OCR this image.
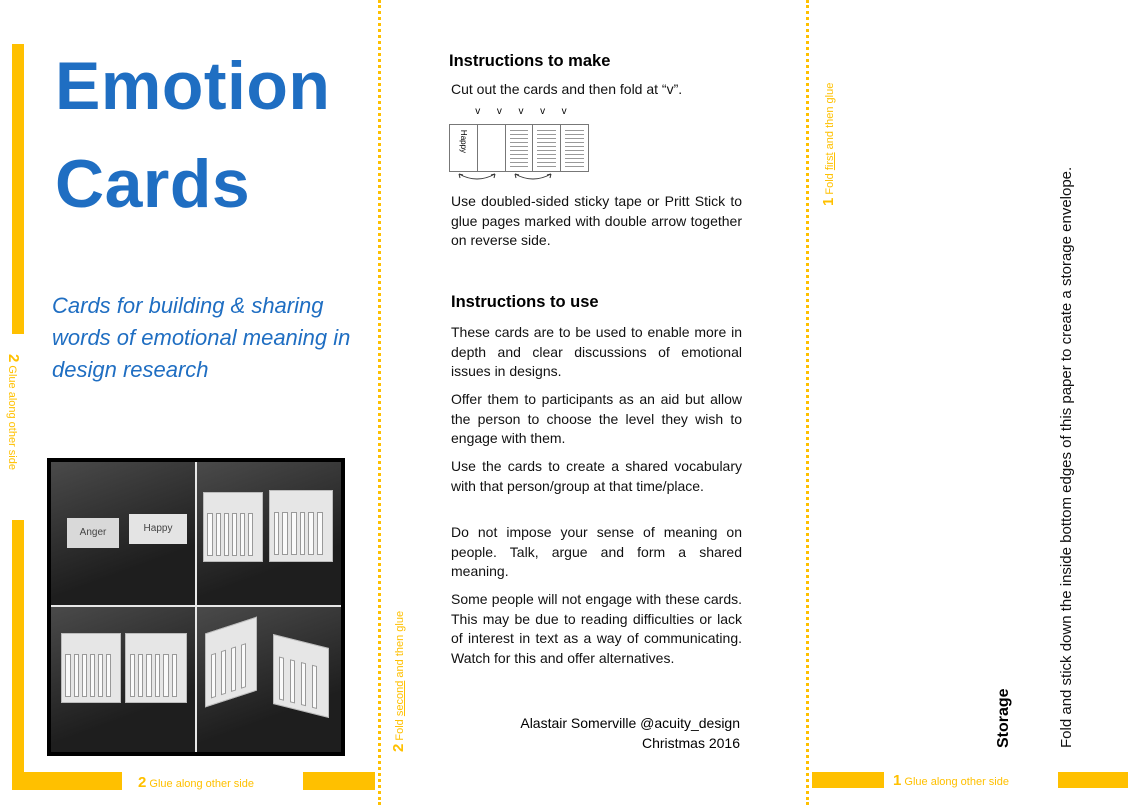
2 Glue along other side
Emotion
Cards
Cards for building & sharing words of emotional meaning in design research
Anger	Happy
2 Glue along other side
Instructions to make
Cut out the cards and then fold at “v”.
v v v v v
Happy
Use doubled-sided sticky tape or Pritt Stick to glue pages marked with double arrow together on reverse side.
Instructions to use
These cards are to be used to enable more in depth and clear discussions of emotional issues in designs.
Offer them to participants as an aid but allow the person to choose the level they wish to engage with them.
Use the cards to create a shared vocabulary with that person/group at that time/place.
Do not impose your sense of meaning on people. Talk, argue and form a shared meaning.
Some people will not engage with these cards. This may be due to reading difficulties or lack of interest in text as a way of communicating. Watch for this and offer alternatives.
Alastair Somerville @acuity_design
Christmas 2016
2 Fold second and then glue
1 Fold first and then glue
Storage	Fold and stick down the inside bottom edges of this paper to create a storage envelope.
1 Glue along other side
